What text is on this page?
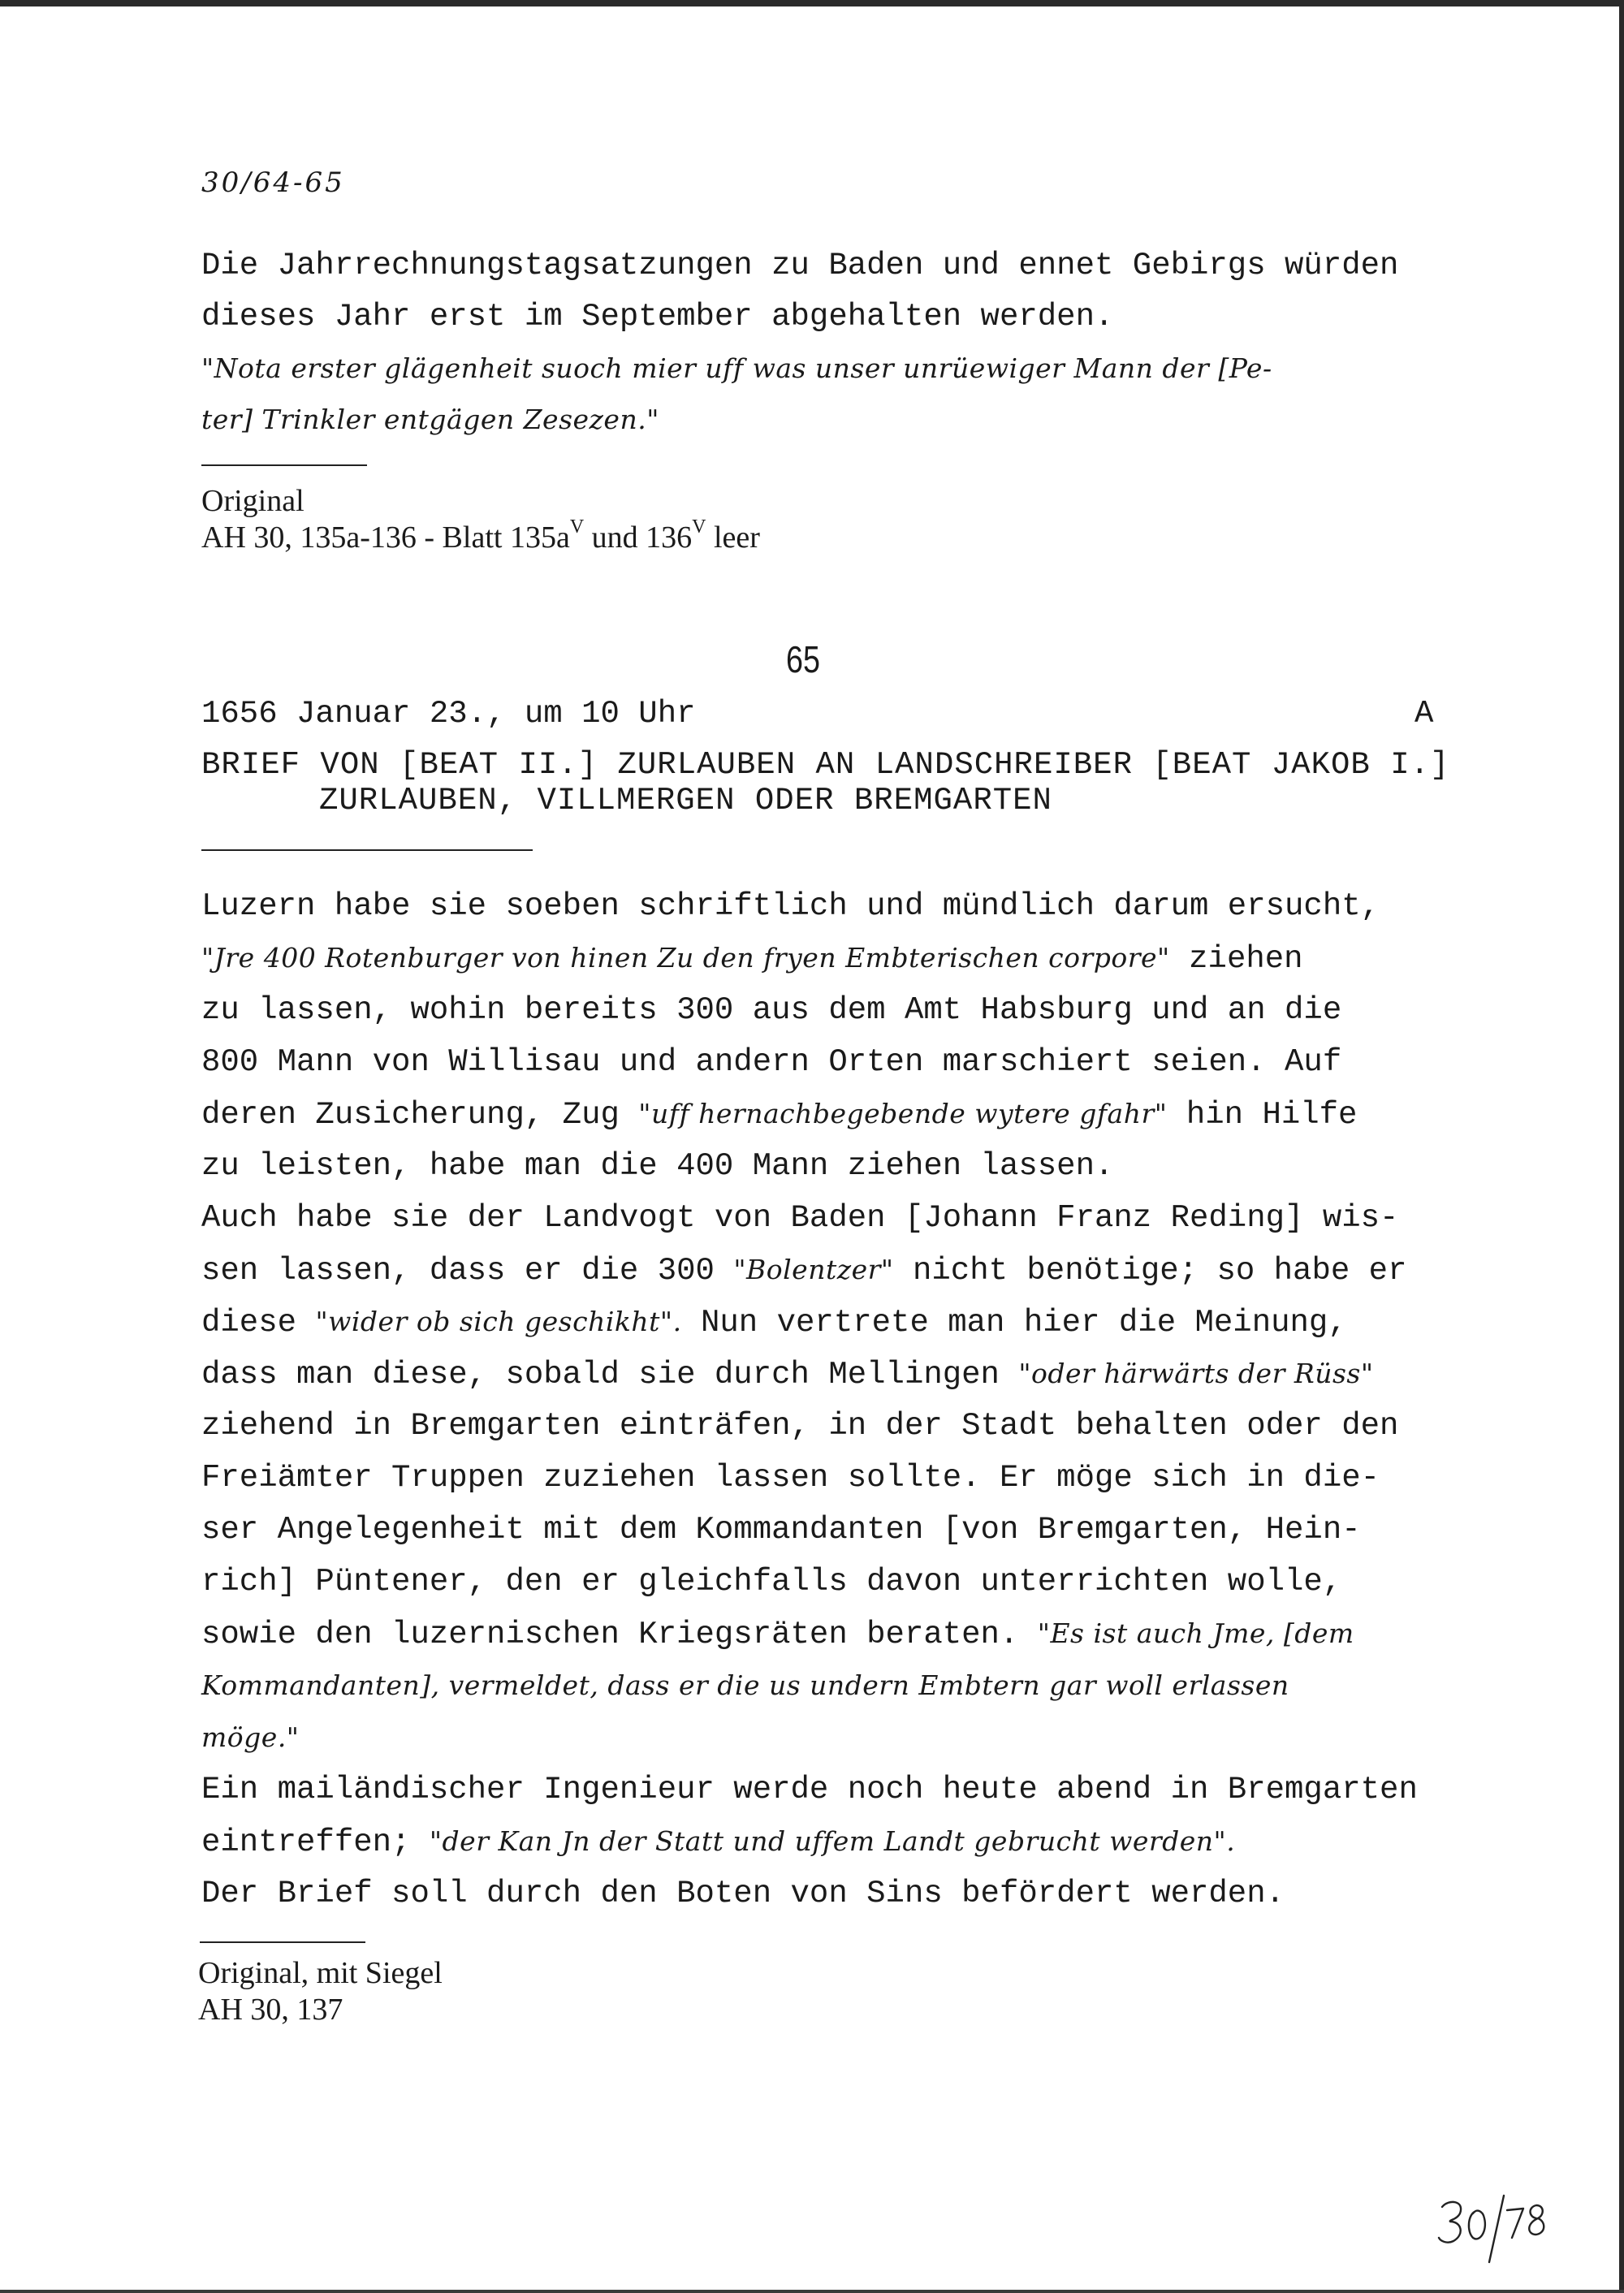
30/64-65

Die Jahrrechnungstagsatzungen zu Baden und ennet Gebirgs würden
dieses Jahr erst im September abgehalten werden.
"Nota erster glägenheit suoch mier uff was unser unrüewiger Mann der [Pe-
ter] Trinkler entgägen Zesezen."
Original
AH 30, 135a-136 - Blatt $135a^V$ und $136^V$ leer

65

1656 Januar 23., um 10 Uhr	A

BRIEF VON [BEAT II.] ZURLAUBEN AN LANDSCHREIBER [BEAT JAKOB I.]
ZURLAUBEN, VILLMERGEN ODER BREMGARTEN
Luzern habe sie soeben schriftlich und mündlich darum ersucht,
"Jre 400 Rotenburger von hinen Zu den fryen Embterischen corpore" ziehen
zu lassen, wohin bereits 300 aus dem Amt Habsburg und an die
800 Mann von Willisau und andern Orten marschiert seien. Auf
deren Zusicherung, Zug "uff hernachbegebende wytere gfahr" hin Hilfe
zu leisten, habe man die 400 Mann ziehen lassen.
Auch habe sie der Landvogt von Baden [Johann Franz Reding] wis-
sen lassen, dass er die 300 "Bolentzer" nicht benötige; so habe er
diese "wider ob sich geschikht". Nun vertrete man hier die Meinung,
dass man diese, sobald sie durch Mellingen "oder härwärts der Rüss"
ziehend in Bremgarten einträfen, in der Stadt behalten oder den
Freiämter Truppen zuziehen lassen sollte. Er möge sich in die-
ser Angelegenheit mit dem Kommandanten [von Bremgarten, Hein-
rich] Püntener, den er gleichfalls davon unterrichten wolle,
sowie den luzernischen Kriegsräten beraten. "Es ist auch Jme, [dem
Kommandanten], vermeldet, dass er die us undern Embtern gar woll erlassen
möge."
Ein mailändischer Ingenieur werde noch heute abend in Bremgarten
eintreffen; "der Kan Jn der Statt und uffem Landt gebrucht werden".
Der Brief soll durch den Boten von Sins befördert werden.
Original, mit Siegel
AH 30, 137
